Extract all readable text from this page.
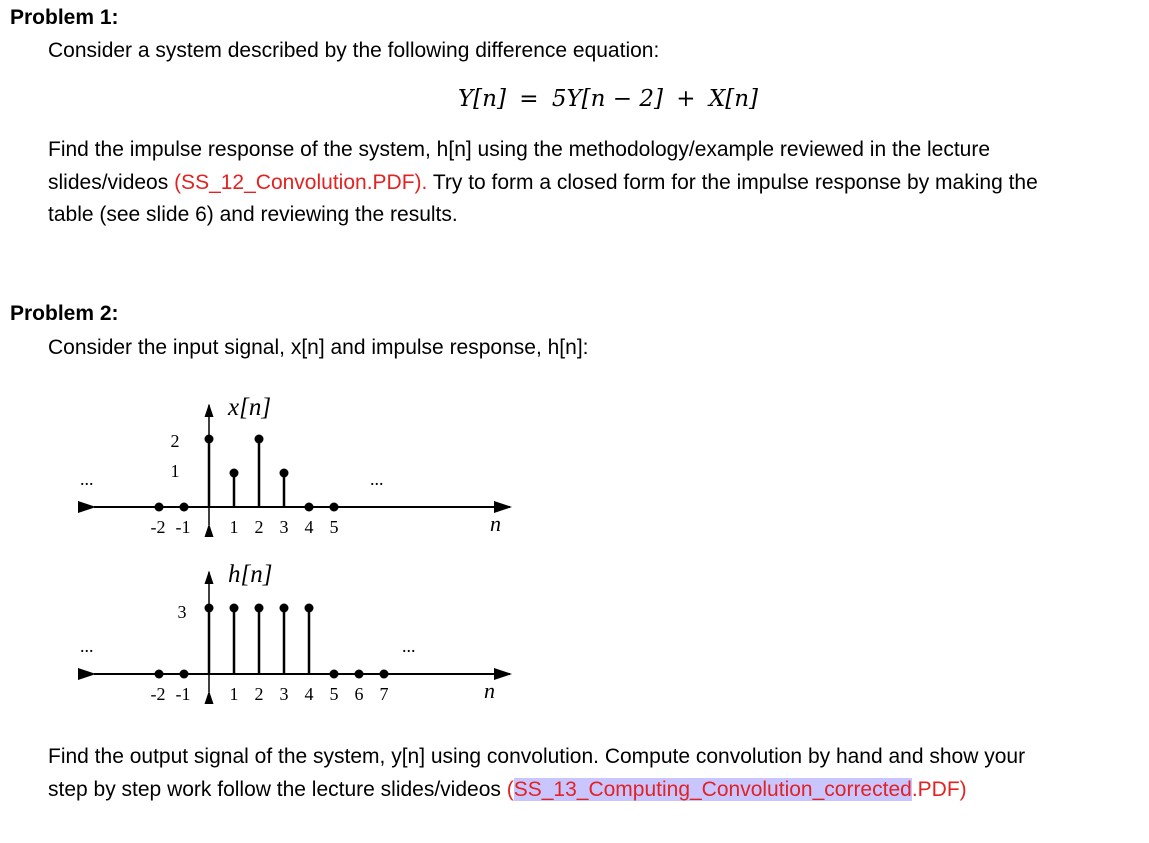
Problem 1:
Consider a system described by the following difference equation:
Y[n] = 5Y[n − 2] + X[n]
Find the impulse response of the system, h[n] using the methodology/example reviewed in the lecture
slides/videos (SS_12_Convolution.PDF). Try to form a closed form for the impulse response by making the
table (see slide 6) and reviewing the results.
Problem 2:
Consider the input signal, x[n] and impulse response, h[n]:
x[n]
2
1
...	...
-2 -1 1 2 3 4 5	n
h[n]
3
...	...
-2 -1 1 2 3 4 5 6 7	n
Find the output signal of the system, y[n] using convolution. Compute convolution by hand and show your
step by step work follow the lecture slides/videos (SS_13_Computing_Convolution_corrected.PDF)
